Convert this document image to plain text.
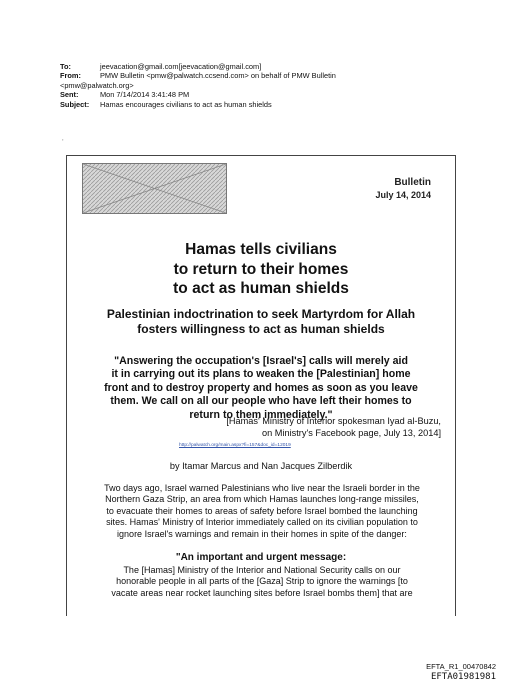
To:	jeevacation@gmail.com[jeevacation@gmail.com]
From:	PMW Bulletin <pmw@palwatch.ccsend.com> on behalf of PMW Bulletin
<pmw@palwatch.org>
Sent:	Mon 7/14/2014 3:41:48 PM
Subject:	Hamas encourages civilians to act as human shields
,
Bulletin
July 14, 2014
Hamas tells civilians
to return to their homes
to act as human shields
Palestinian indoctrination to seek Martyrdom for Allah
fosters willingness to act as human shields
"Answering the occupation's [Israel's] calls will merely aid
it in carrying out its plans to weaken the [Palestinian] home
front and to destroy property and homes as soon as you leave
them. We call on all our people who have left their homes to
return to them immediately."
[Hamas' Ministry of Interior spokesman Iyad al-Buzu,
on Ministry's Facebook page, July 13, 2014]
http://palwatch.org/main.aspx?fi=157&doc_id=12019
by Itamar Marcus and Nan Jacques Zilberdik
Two days ago, Israel warned Palestinians who live near the Israeli border in the
Northern Gaza Strip, an area from which Hamas launches long-range missiles,
to evacuate their homes to areas of safety before Israel bombed the launching
sites. Hamas' Ministry of Interior immediately called on its civilian population to
ignore Israel's warnings and remain in their homes in spite of the danger:
"An important and urgent message:
The [Hamas] Ministry of the Interior and National Security calls on our
honorable people in all parts of the [Gaza] Strip to ignore the warnings [to
vacate areas near rocket launching sites before Israel bombs them] that are
EFTA_R1_00470842
EFTA01981981
